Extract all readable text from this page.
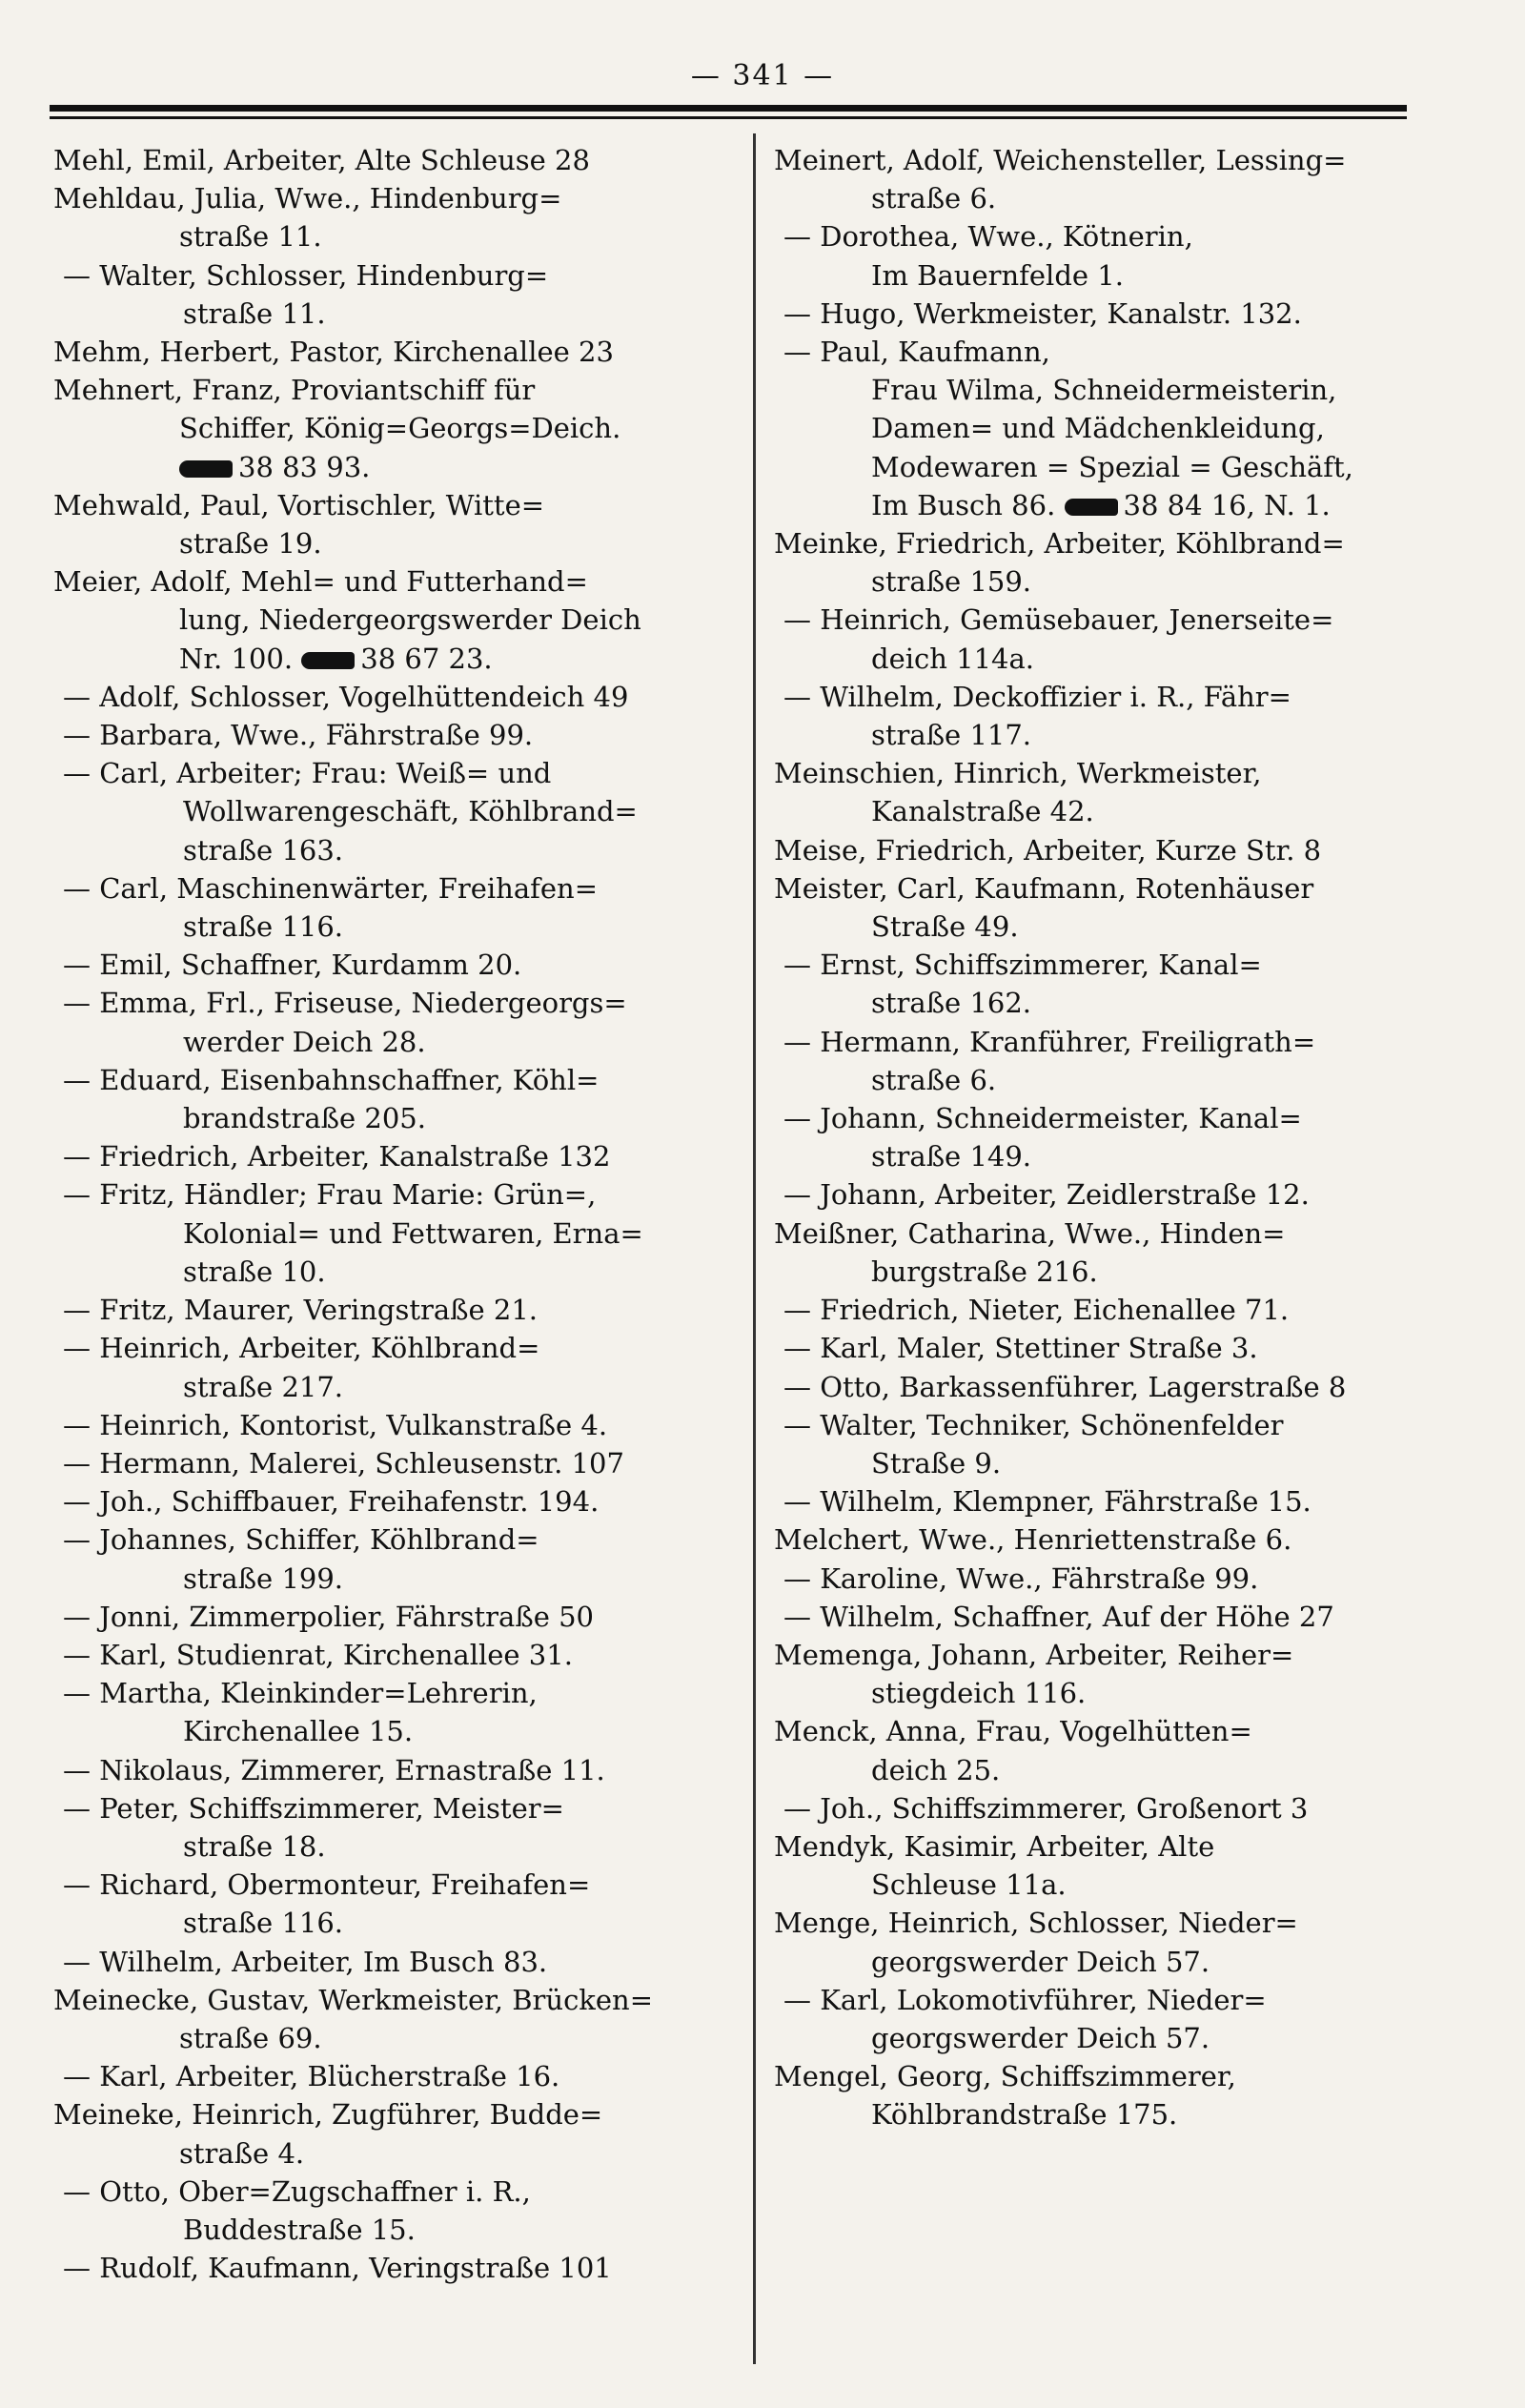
— 341 —
Mehl, Emil, Arbeiter, Alte Schleuse 28
Mehldau, Julia, Wwe., Hindenburg=
straße 11.
— Walter, Schlosser, Hindenburg=
straße 11.
Mehm, Herbert, Pastor, Kirchenallee 23
Mehnert, Franz, Proviantschiff für
Schiffer, König=Georgs=Deich.
38 83 93.
Mehwald, Paul, Vortischler, Witte=
straße 19.
Meier, Adolf, Mehl= und Futterhand=
lung, Niedergeorgswerder Deich
Nr. 100. 38 67 23.
— Adolf, Schlosser, Vogelhüttendeich 49
— Barbara, Wwe., Fährstraße 99.
— Carl, Arbeiter; Frau: Weiß= und
Wollwarengeschäft, Köhlbrand=
straße 163.
— Carl, Maschinenwärter, Freihafen=
straße 116.
— Emil, Schaffner, Kurdamm 20.
— Emma, Frl., Friseuse, Niedergeorgs=
werder Deich 28.
— Eduard, Eisenbahnschaffner, Köhl=
brandstraße 205.
— Friedrich, Arbeiter, Kanalstraße 132
— Fritz, Händler; Frau Marie: Grün=,
Kolonial= und Fettwaren, Erna=
straße 10.
— Fritz, Maurer, Veringstraße 21.
— Heinrich, Arbeiter, Köhlbrand=
straße 217.
— Heinrich, Kontorist, Vulkanstraße 4.
— Hermann, Malerei, Schleusenstr. 107
— Joh., Schiffbauer, Freihafenstr. 194.
— Johannes, Schiffer, Köhlbrand=
straße 199.
— Jonni, Zimmerpolier, Fährstraße 50
— Karl, Studienrat, Kirchenallee 31.
— Martha, Kleinkinder=Lehrerin,
Kirchenallee 15.
— Nikolaus, Zimmerer, Ernastraße 11.
— Peter, Schiffszimmerer, Meister=
straße 18.
— Richard, Obermonteur, Freihafen=
straße 116.
— Wilhelm, Arbeiter, Im Busch 83.
Meinecke, Gustav, Werkmeister, Brücken=
straße 69.
— Karl, Arbeiter, Blücherstraße 16.
Meineke, Heinrich, Zugführer, Budde=
straße 4.
— Otto, Ober=Zugschaffner i. R.,
Buddestraße 15.
— Rudolf, Kaufmann, Veringstraße 101
Meinert, Adolf, Weichensteller, Lessing=
straße 6.
— Dorothea, Wwe., Kötnerin,
Im Bauernfelde 1.
— Hugo, Werkmeister, Kanalstr. 132.
— Paul, Kaufmann,
Frau Wilma, Schneidermeisterin,
Damen= und Mädchenkleidung,
Modewaren = Spezial = Geschäft,
Im Busch 86. 38 84 16, N. 1.
Meinke, Friedrich, Arbeiter, Köhlbrand=
straße 159.
— Heinrich, Gemüsebauer, Jenerseite=
deich 114a.
— Wilhelm, Deckoffizier i. R., Fähr=
straße 117.
Meinschien, Hinrich, Werkmeister,
Kanalstraße 42.
Meise, Friedrich, Arbeiter, Kurze Str. 8
Meister, Carl, Kaufmann, Rotenhäuser
Straße 49.
— Ernst, Schiffszimmerer, Kanal=
straße 162.
— Hermann, Kranführer, Freiligrath=
straße 6.
— Johann, Schneidermeister, Kanal=
straße 149.
— Johann, Arbeiter, Zeidlerstraße 12.
Meißner, Catharina, Wwe., Hinden=
burgstraße 216.
— Friedrich, Nieter, Eichenallee 71.
— Karl, Maler, Stettiner Straße 3.
— Otto, Barkassenführer, Lagerstraße 8
— Walter, Techniker, Schönenfelder
Straße 9.
— Wilhelm, Klempner, Fährstraße 15.
Melchert, Wwe., Henriettenstraße 6.
— Karoline, Wwe., Fährstraße 99.
— Wilhelm, Schaffner, Auf der Höhe 27
Memenga, Johann, Arbeiter, Reiher=
stiegdeich 116.
Menck, Anna, Frau, Vogelhütten=
deich 25.
— Joh., Schiffszimmerer, Großenort 3
Mendyk, Kasimir, Arbeiter, Alte
Schleuse 11a.
Menge, Heinrich, Schlosser, Nieder=
georgswerder Deich 57.
— Karl, Lokomotivführer, Nieder=
georgswerder Deich 57.
Mengel, Georg, Schiffszimmerer,
Köhlbrandstraße 175.
